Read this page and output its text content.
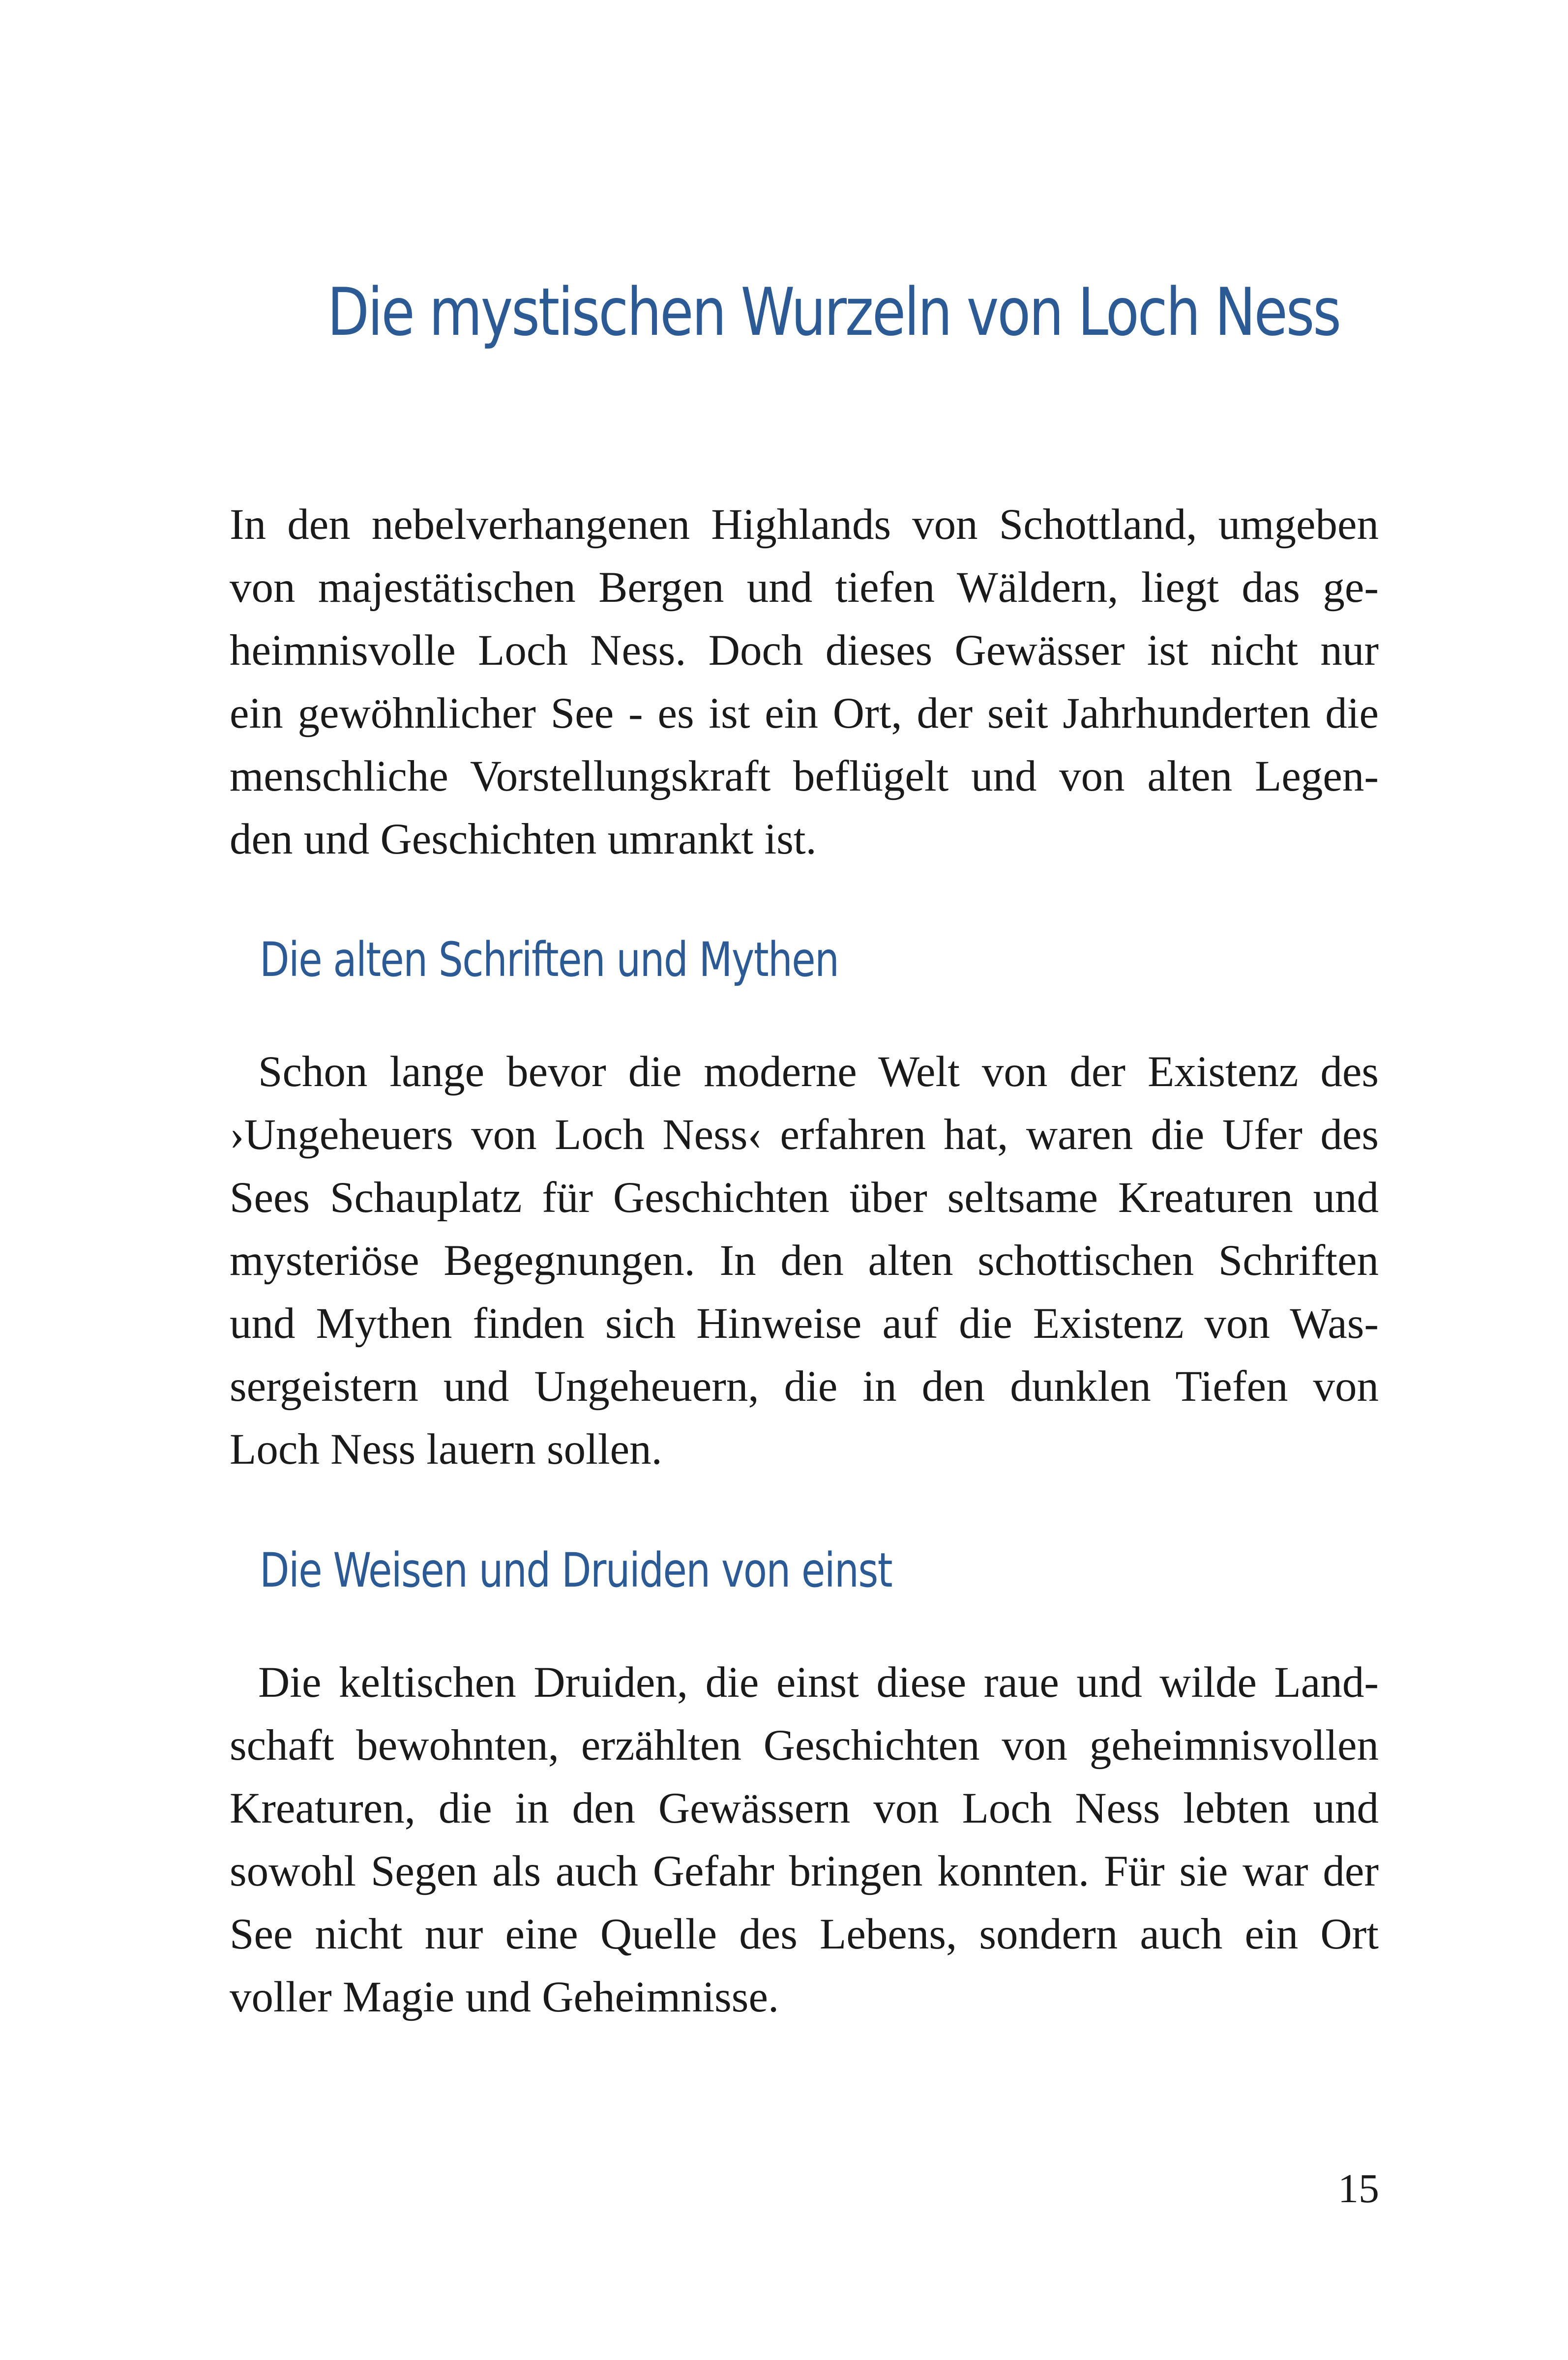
Die mystischen Wurzeln von Loch Ness

In den nebelverhangenen Highlands von Schottland, umgeben
von majestätischen Bergen und tiefen Wäldern, liegt das ge-
heimnisvolle Loch Ness. Doch dieses Gewässer ist nicht nur
ein gewöhnlicher See - es ist ein Ort, der seit Jahrhunderten die
menschliche Vorstellungskraft beflügelt und von alten Legen-
den und Geschichten umrankt ist.

Die alten Schriften und Mythen

Schon lange bevor die moderne Welt von der Existenz des
›Ungeheuers von Loch Ness‹ erfahren hat, waren die Ufer des
Sees Schauplatz für Geschichten über seltsame Kreaturen und
mysteriöse Begegnungen. In den alten schottischen Schriften
und Mythen finden sich Hinweise auf die Existenz von Was-
sergeistern und Ungeheuern, die in den dunklen Tiefen von
Loch Ness lauern sollen.

Die Weisen und Druiden von einst

Die keltischen Druiden, die einst diese raue und wilde Land-
schaft bewohnten, erzählten Geschichten von geheimnisvollen
Kreaturen, die in den Gewässern von Loch Ness lebten und
sowohl Segen als auch Gefahr bringen konnten. Für sie war der
See nicht nur eine Quelle des Lebens, sondern auch ein Ort
voller Magie und Geheimnisse.

15
